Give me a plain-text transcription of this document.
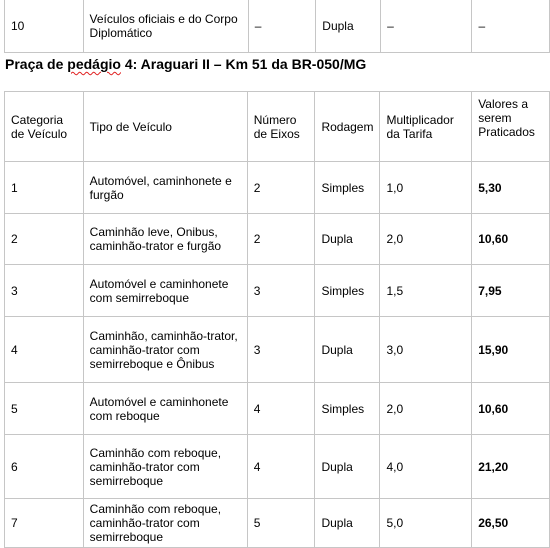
10	Veículos oficiais e do Corpo Diplomático	–	Dupla	–	–
Praça de pedágio 4: Araguari II – Km 51 da BR-050/MG
Categoria de Veículo	Tipo de Veículo	Número de Eixos	Rodagem	Multiplicador da Tarifa	Valores a serem Praticados
1	Automóvel, caminhonete e furgão	2	Simples	1,0	5,30
2	Caminhão leve, Onibus, caminhão-trator e furgão	2	Dupla	2,0	10,60
3	Automóvel e caminhonete com semirreboque	3	Simples	1,5	7,95
4	Caminhão, caminhão-trator, caminhão-trator com semirreboque e Ônibus	3	Dupla	3,0	15,90
5	Automóvel e caminhonete com reboque	4	Simples	2,0	10,60
6	Caminhão com reboque, caminhão-trator com semirreboque	4	Dupla	4,0	21,20
7	Caminhão com reboque, caminhão-trator com semirreboque	5	Dupla	5,0	26,50
